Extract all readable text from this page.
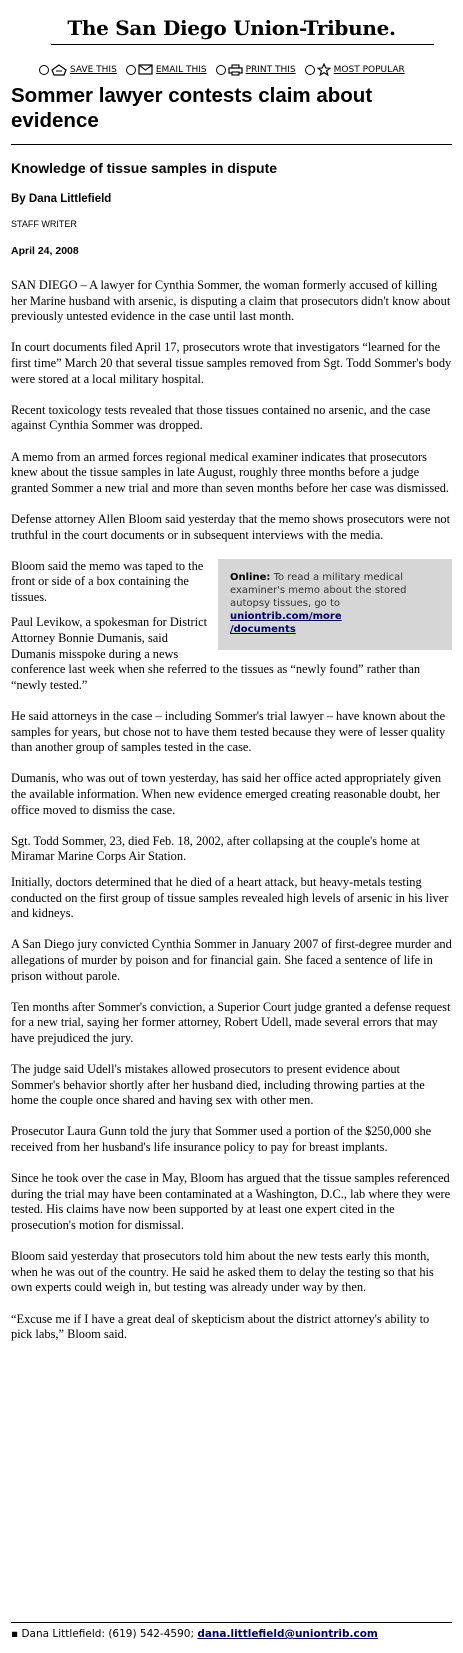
The San Diego Union-Tribune.
SAVE THIS	EMAIL THIS	PRINT THIS	MOST POPULAR
Sommer lawyer contests claim about evidence
Knowledge of tissue samples in dispute
By Dana Littlefield
STAFF WRITER
April 24, 2008

SAN DIEGO – A lawyer for Cynthia Sommer, the woman formerly accused of killing her Marine husband with arsenic, is disputing a claim that prosecutors didn't know about previously untested evidence in the case until last month.

In court documents filed April 17, prosecutors wrote that investigators “learned for the first time” March 20 that several tissue samples removed from Sgt. Todd Sommer's body were stored at a local military hospital.

Recent toxicology tests revealed that those tissues contained no arsenic, and the case against Cynthia Sommer was dropped.

A memo from an armed forces regional medical examiner indicates that prosecutors knew about the tissue samples in late August, roughly three months before a judge granted Sommer a new trial and more than seven months before her case was dismissed.

Defense attorney Allen Bloom said yesterday that the memo shows prosecutors were not truthful in the court documents or in subsequent interviews with the media.

Online: To read a military medical examiner's memo about the stored autopsy tissues, go to
uniontrib.com/more
/documents

Bloom said the memo was taped to the front or side of a box containing the tissues.

Paul Levikow, a spokesman for District Attorney Bonnie Dumanis, said Dumanis misspoke during a news conference last week when she referred to the tissues as “newly found” rather than “newly tested.”

He said attorneys in the case – including Sommer's trial lawyer – have known about the samples for years, but chose not to have them tested because they were of lesser quality than another group of samples tested in the case.

Dumanis, who was out of town yesterday, has said her office acted appropriately given the available information. When new evidence emerged creating reasonable doubt, her office moved to dismiss the case.

Sgt. Todd Sommer, 23, died Feb. 18, 2002, after collapsing at the couple's home at Miramar Marine Corps Air Station.

Initially, doctors determined that he died of a heart attack, but heavy-metals testing conducted on the first group of tissue samples revealed high levels of arsenic in his liver and kidneys.

A San Diego jury convicted Cynthia Sommer in January 2007 of first-degree murder and allegations of murder by poison and for financial gain. She faced a sentence of life in prison without parole.

Ten months after Sommer's conviction, a Superior Court judge granted a defense request for a new trial, saying her former attorney, Robert Udell, made several errors that may have prejudiced the jury.

The judge said Udell's mistakes allowed prosecutors to present evidence about Sommer's behavior shortly after her husband died, including throwing parties at the home the couple once shared and having sex with other men.

Prosecutor Laura Gunn told the jury that Sommer used a portion of the $250,000 she received from her husband's life insurance policy to pay for breast implants.

Since he took over the case in May, Bloom has argued that the tissue samples referenced during the trial may have been contaminated at a Washington, D.C., lab where they were tested. His claims have now been supported by at least one expert cited in the prosecution's motion for dismissal.

Bloom said yesterday that prosecutors told him about the new tests early this month, when he was out of the country. He said he asked them to delay the testing so that his own experts could weigh in, but testing was already under way by then.

“Excuse me if I have a great deal of skepticism about the district attorney's ability to pick labs,” Bloom said.

▪ Dana Littlefield: (619) 542-4590; dana.littlefield@uniontrib.com
